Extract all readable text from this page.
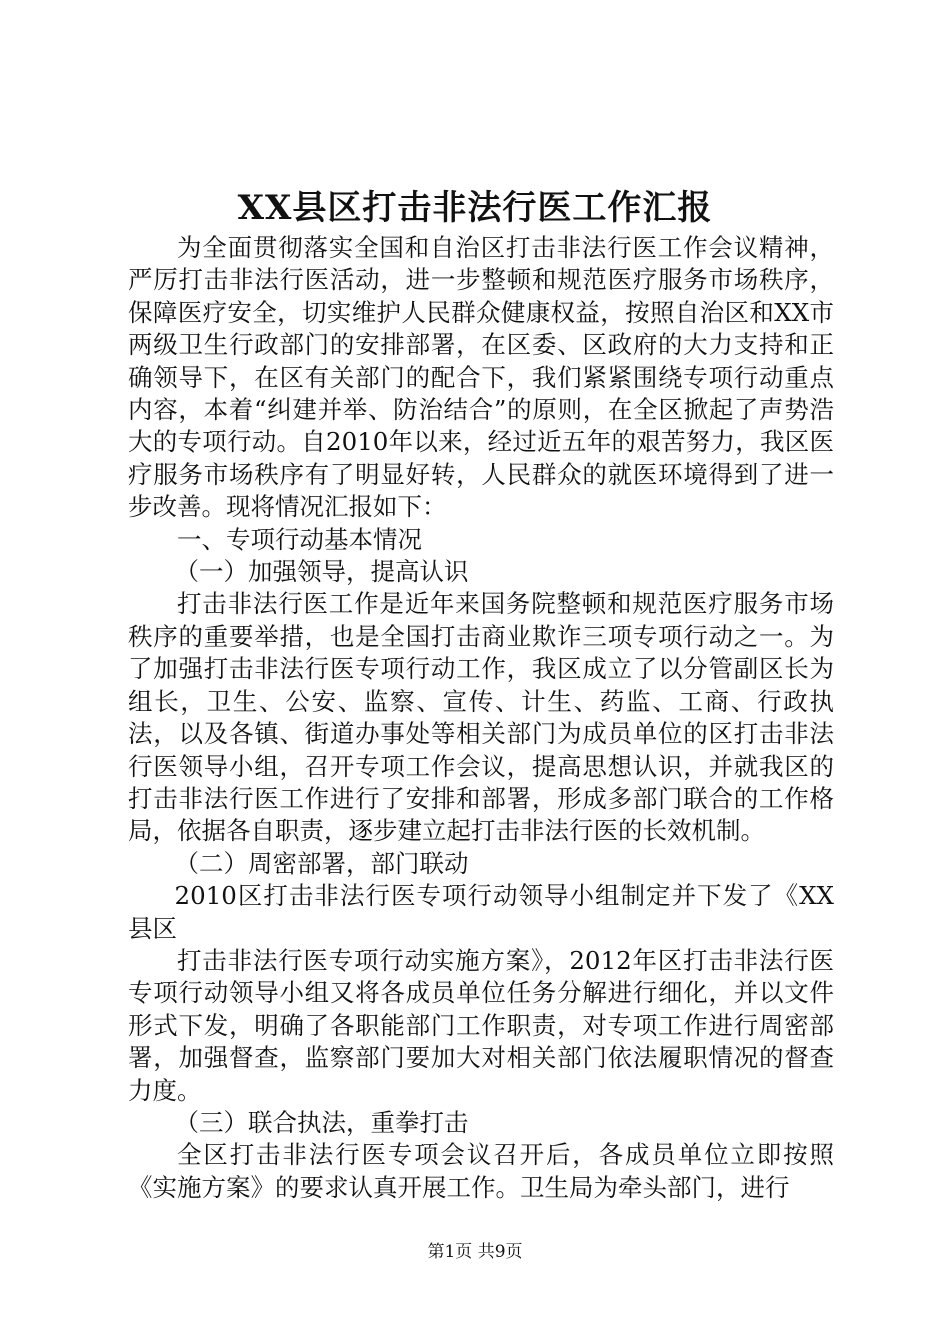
XX县区打击非法行医工作汇报

为全面贯彻落实全国和自治区打击非法行医工作会议精神，严厉打击非法行医活动，进一步整顿和规范医疗服务市场秩序，保障医疗安全，切实维护人民群众健康权益，按照自治区和XX市两级卫生行政部门的安排部署，在区委、区政府的大力支持和正确领导下，在区有关部门的配合下，我们紧紧围绕专项行动重点内容，本着“纠建并举、防治结合”的原则，在全区掀起了声势浩大的专项行动。自2010年以来，经过近五年的艰苦努力，我区医疗服务市场秩序有了明显好转，人民群众的就医环境得到了进一步改善。现将情况汇报如下：

一、专项行动基本情况

（一）加强领导，提高认识

打击非法行医工作是近年来国务院整顿和规范医疗服务市场秩序的重要举措，也是全国打击商业欺诈三项专项行动之一。为了加强打击非法行医专项行动工作，我区成立了以分管副区长为组长，卫生、公安、监察、宣传、计生、药监、工商、行政执法，以及各镇、街道办事处等相关部门为成员单位的区打击非法行医领导小组，召开专项工作会议，提高思想认识，并就我区的打击非法行医工作进行了安排和部署，形成多部门联合的工作格局，依据各自职责，逐步建立起打击非法行医的长效机制。

（二）周密部署，部门联动

2010区打击非法行医专项行动领导小组制定并下发了《XX县区

打击非法行医专项行动实施方案》，2012年区打击非法行医专项行动领导小组又将各成员单位任务分解进行细化，并以文件形式下发，明确了各职能部门工作职责，对专项工作进行周密部署，加强督查，监察部门要加大对相关部门依法履职情况的督查力度。

（三）联合执法，重拳打击

全区打击非法行医专项会议召开后，各成员单位立即按照《实施方案》的要求认真开展工作。卫生局为牵头部门，进行

第1页 共9页
